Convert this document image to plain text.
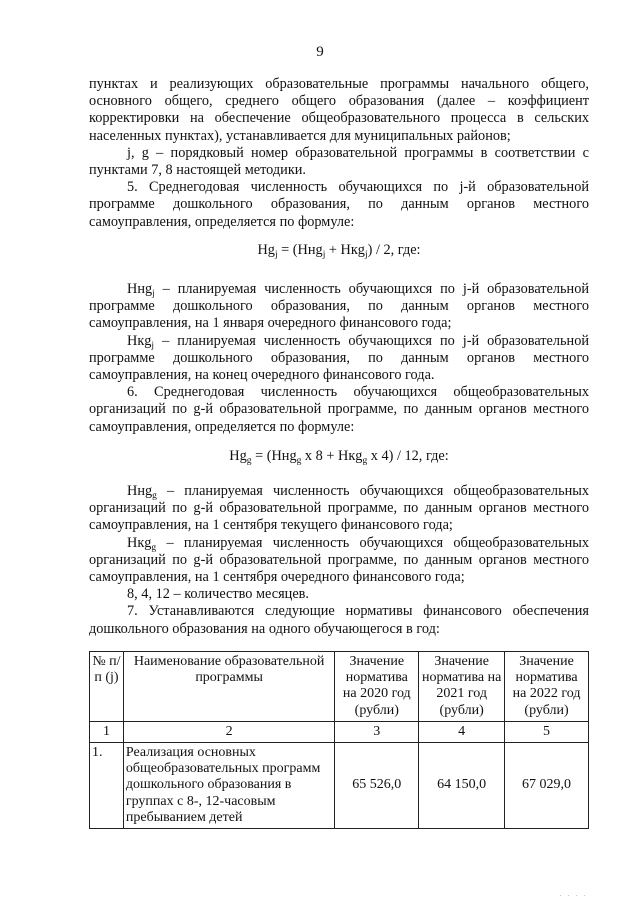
9

пунктах и реализующих образовательные программы начального общего, основного общего, среднего общего образования (далее – коэффициент корректировки на обеспечение общеобразовательного процесса в сельских населенных пунктах), устанавливается для муниципальных районов;

j, g – порядковый номер образовательной программы в соответствии с пунктами 7, 8 настоящей методики.

5. Среднегодовая численность обучающихся по j-й образовательной программе дошкольного образования, по данным органов местного самоуправления, определяется по формуле:

$Hg_j = (Hнg_j + Hкg_j) / 2$, где:

Hнg$_j$ – планируемая численность обучающихся по j-й образовательной программе дошкольного образования, по данным органов местного самоуправления, на 1 января очередного финансового года;

Hкg$_j$ – планируемая численность обучающихся по j-й образовательной программе дошкольного образования, по данным органов местного самоуправления, на конец очередного финансового года.

6. Среднегодовая численность обучающихся общеобразовательных организаций по g-й образовательной программе, по данным органов местного самоуправления, определяется по формуле:

$Hg_g = (Hнg_g$ х 8 + Hкg$_g$ х 4) / 12, где:

Hнg$_g$ – планируемая численность обучающихся общеобразовательных организаций по g-й образовательной программе, по данным органов местного самоуправления, на 1 сентября текущего финансового года;

Hкg$_g$ – планируемая численность обучающихся общеобразовательных организаций по g-й образовательной программе, по данным органов местного самоуправления, на 1 сентября очередного финансового года;

8, 4, 12 – количество месяцев.

7. Устанавливаются следующие нормативы финансового обеспечения дошкольного образования на одного обучающегося в год:

№ п/п (j)	Наименование образовательной программы	Значение норматива на 2020 год (рубли)	Значение норматива на 2021 год (рубли)	Значение норматива на 2022 год (рубли)
1	2	3	4	5
1.	Реализация основных общеобразовательных программ дошкольного образования в группах с 8-, 12-часовым пребыванием детей	65 526,0	64 150,0	67 029,0
· · · ·
